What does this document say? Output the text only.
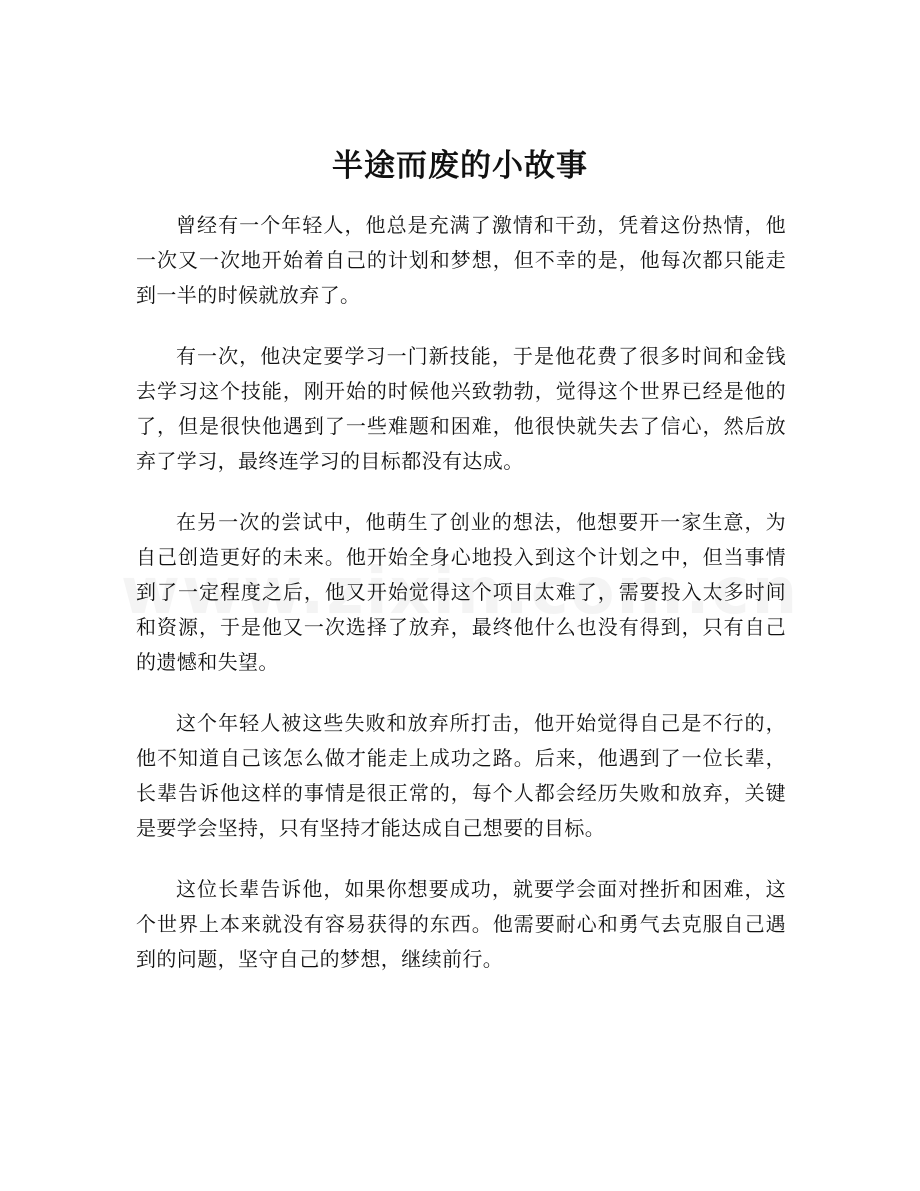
半途而废的小故事

曾经有一个年轻人，他总是充满了激情和干劲，凭着这份热情，他一次又一次地开始着自己的计划和梦想，但不幸的是，他每次都只能走到一半的时候就放弃了。

有一次，他决定要学习一门新技能，于是他花费了很多时间和金钱去学习这个技能，刚开始的时候他兴致勃勃，觉得这个世界已经是他的了，但是很快他遇到了一些难题和困难，他很快就失去了信心，然后放弃了学习，最终连学习的目标都没有达成。

在另一次的尝试中，他萌生了创业的想法，他想要开一家生意，为自己创造更好的未来。他开始全身心地投入到这个计划之中，但当事情到了一定程度之后，他又开始觉得这个项目太难了，需要投入太多时间和资源，于是他又一次选择了放弃，最终他什么也没有得到，只有自己的遗憾和失望。

这个年轻人被这些失败和放弃所打击，他开始觉得自己是不行的，他不知道自己该怎么做才能走上成功之路。后来，他遇到了一位长辈，长辈告诉他这样的事情是很正常的，每个人都会经历失败和放弃，关键是要学会坚持，只有坚持才能达成自己想要的目标。

这位长辈告诉他，如果你想要成功，就要学会面对挫折和困难，这个世界上本来就没有容易获得的东西。他需要耐心和勇气去克服自己遇到的问题，坚守自己的梦想，继续前行。
